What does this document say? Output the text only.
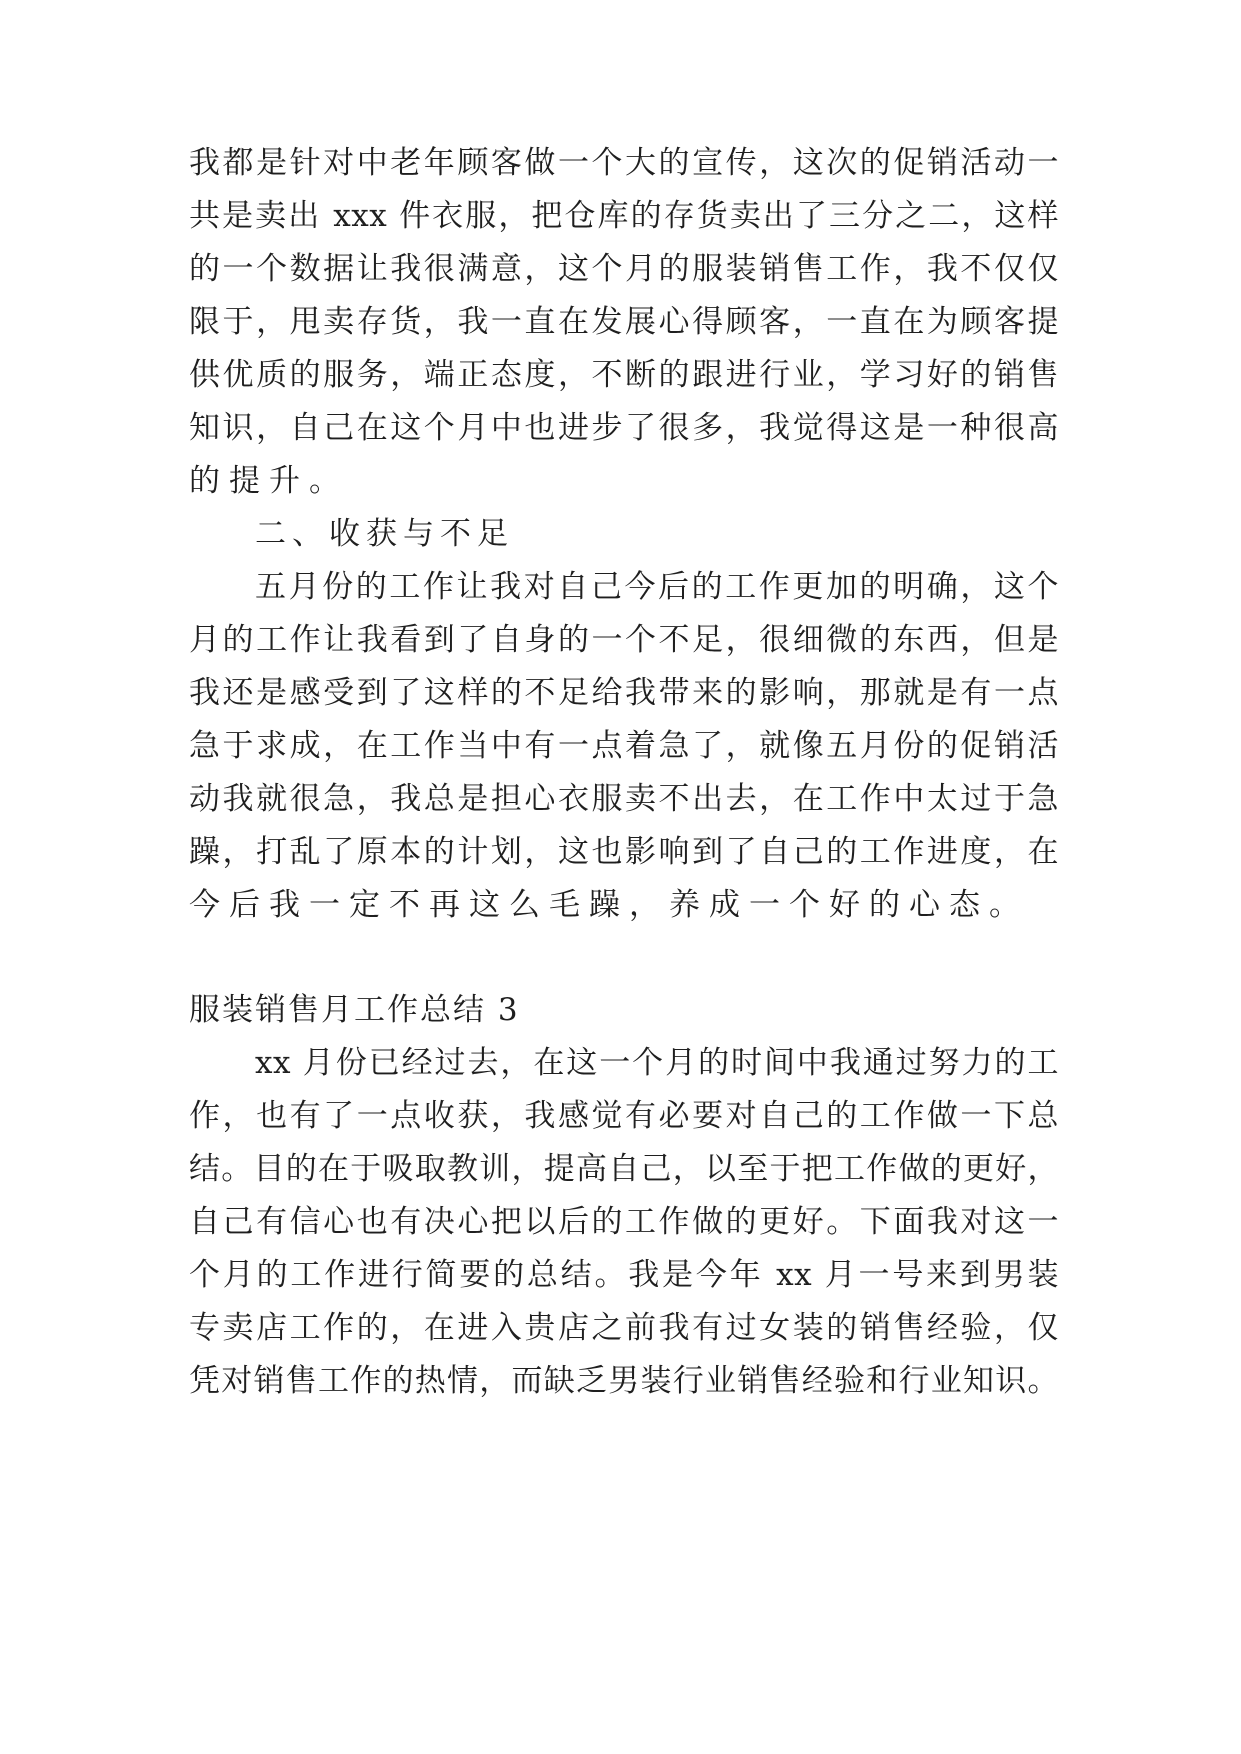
我都是针对中老年顾客做一个大的宣传，这次的促销活动一
共是卖出 xxx 件衣服，把仓库的存货卖出了三分之二，这样
的一个数据让我很满意，这个月的服装销售工作，我不仅仅
限于，甩卖存货，我一直在发展心得顾客，一直在为顾客提
供优质的服务，端正态度，不断的跟进行业，学习好的销售
知识，自己在这个月中也进步了很多，我觉得这是一种很高
的提升。
二、收获与不足
五月份的工作让我对自己今后的工作更加的明确，这个
月的工作让我看到了自身的一个不足，很细微的东西，但是
我还是感受到了这样的不足给我带来的影响，那就是有一点
急于求成，在工作当中有一点着急了，就像五月份的促销活
动我就很急，我总是担心衣服卖不出去，在工作中太过于急
躁，打乱了原本的计划，这也影响到了自己的工作进度，在
今后我一定不再这么毛躁，养成一个好的心态。
服装销售月工作总结 3
xx 月份已经过去，在这一个月的时间中我通过努力的工
作，也有了一点收获，我感觉有必要对自己的工作做一下总
结。目的在于吸取教训，提高自己，以至于把工作做的更好，
自己有信心也有决心把以后的工作做的更好。下面我对这一
个月的工作进行简要的总结。我是今年 xx 月一号来到男装
专卖店工作的，在进入贵店之前我有过女装的销售经验，仅
凭对销售工作的热情，而缺乏男装行业销售经验和行业知识。
